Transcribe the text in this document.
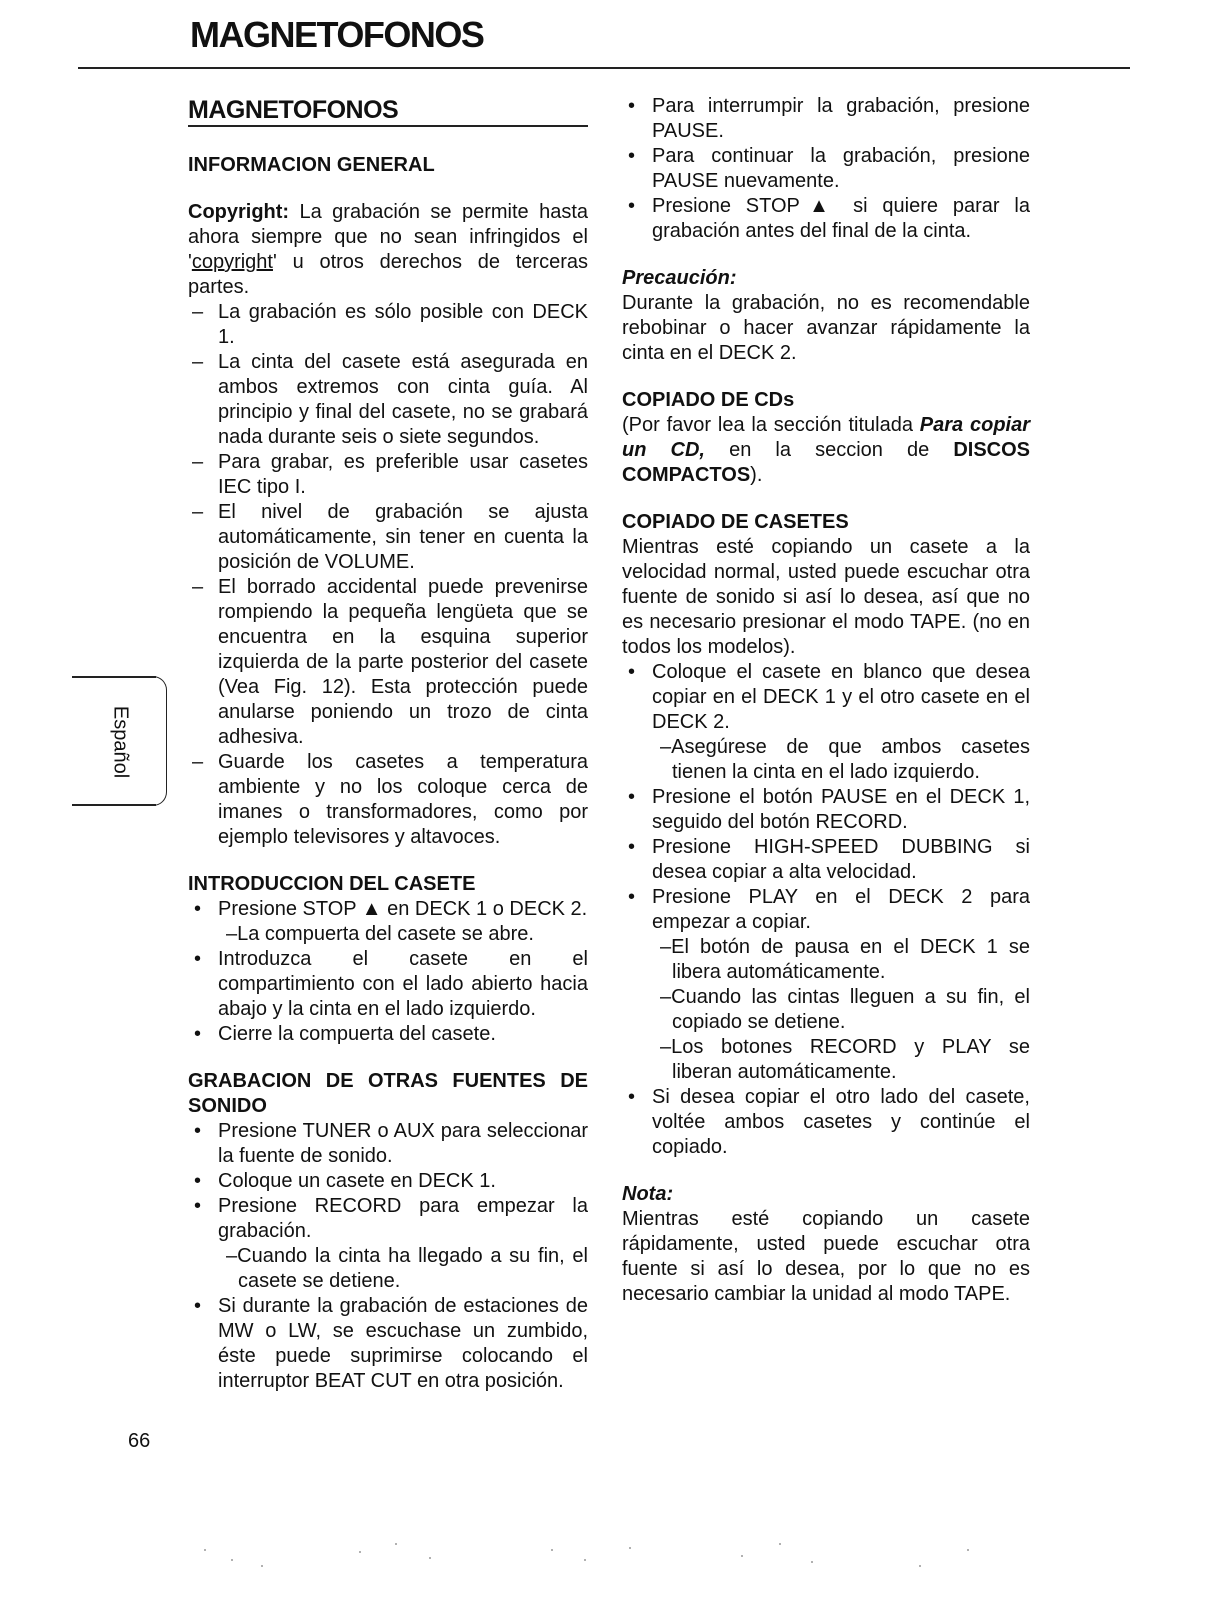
MAGNETOFONOS
MAGNETOFONOS

INFORMACION GENERAL

Copyright: La grabación se permite hasta ahora siempre que no sean infringidos el 'copyright' u otros derechos de terceras partes.

– La grabación es sólo posible con DECK 1.
– La cinta del casete está asegurada en ambos extremos con cinta guía. Al principio y final del casete, no se grabará nada durante seis o siete segundos.
– Para grabar, es preferible usar casetes IEC tipo I.
– El nivel de grabación se ajusta automáticamente, sin tener en cuenta la posición de VOLUME.
– El borrado accidental puede prevenirse rompiendo la pequeña lengüeta que se encuentra en la esquina superior izquierda de la parte posterior del casete (Vea Fig. 12). Esta protección puede anularse poniendo un trozo de cinta adhesiva.
– Guarde los casetes a temperatura ambiente y no los coloque cerca de imanes o transformadores, como por ejemplo televisores y altavoces.

INTRODUCCION DEL CASETE

• Presione STOP ▲ en DECK 1 o DECK 2.
– La compuerta del casete se abre.
• Introduzca el casete en el compartimiento con el lado abierto hacia abajo y la cinta en el lado izquierdo.
• Cierre la compuerta del casete.

GRABACION DE OTRAS FUENTES DE SONIDO

• Presione TUNER o AUX para seleccionar la fuente de sonido.
• Coloque un casete en DECK 1.
• Presione RECORD para empezar la grabación.
– Cuando la cinta ha llegado a su fin, el casete se detiene.
• Si durante la grabación de estaciones de MW o LW, se escuchase un zumbido, éste puede suprimirse colocando el interruptor BEAT CUT en otra posición.
• Para interrumpir la grabación, presione PAUSE.
• Para continuar la grabación, presione PAUSE nuevamente.
• Presione STOP▲ si quiere parar la grabación antes del final de la cinta.

Precaución:

Durante la grabación, no es recomendable rebobinar o hacer avanzar rápidamente la cinta en el DECK 2.

COPIADO DE CDs

(Por favor lea la sección titulada Para copiar un CD, en la seccion de DISCOS COMPACTOS).

COPIADO DE CASETES

Mientras esté copiando un casete a la velocidad normal, usted puede escuchar otra fuente de sonido si así lo desea, así que no es necesario presionar el modo TAPE. (no en todos los modelos).

• Coloque el casete en blanco que desea copiar en el DECK 1 y el otro casete en el DECK 2.
– Asegúrese de que ambos casetes tienen la cinta en el lado izquierdo.
• Presione el botón PAUSE en el DECK 1, seguido del botón RECORD.
• Presione HIGH-SPEED DUBBING si desea copiar a alta velocidad.
• Presione PLAY en el DECK 2 para empezar a copiar.
– El botón de pausa en el DECK 1 se libera automáticamente.
– Cuando las cintas lleguen a su fin, el copiado se detiene.
– Los botones RECORD y PLAY se liberan automáticamente.
• Si desea copiar el otro lado del casete, voltée ambos casetes y continúe el copiado.

Nota:

Mientras esté copiando un casete rápidamente, usted puede escuchar otra fuente si así lo desea, por lo que no es necesario cambiar la unidad al modo TAPE.

Español
66
